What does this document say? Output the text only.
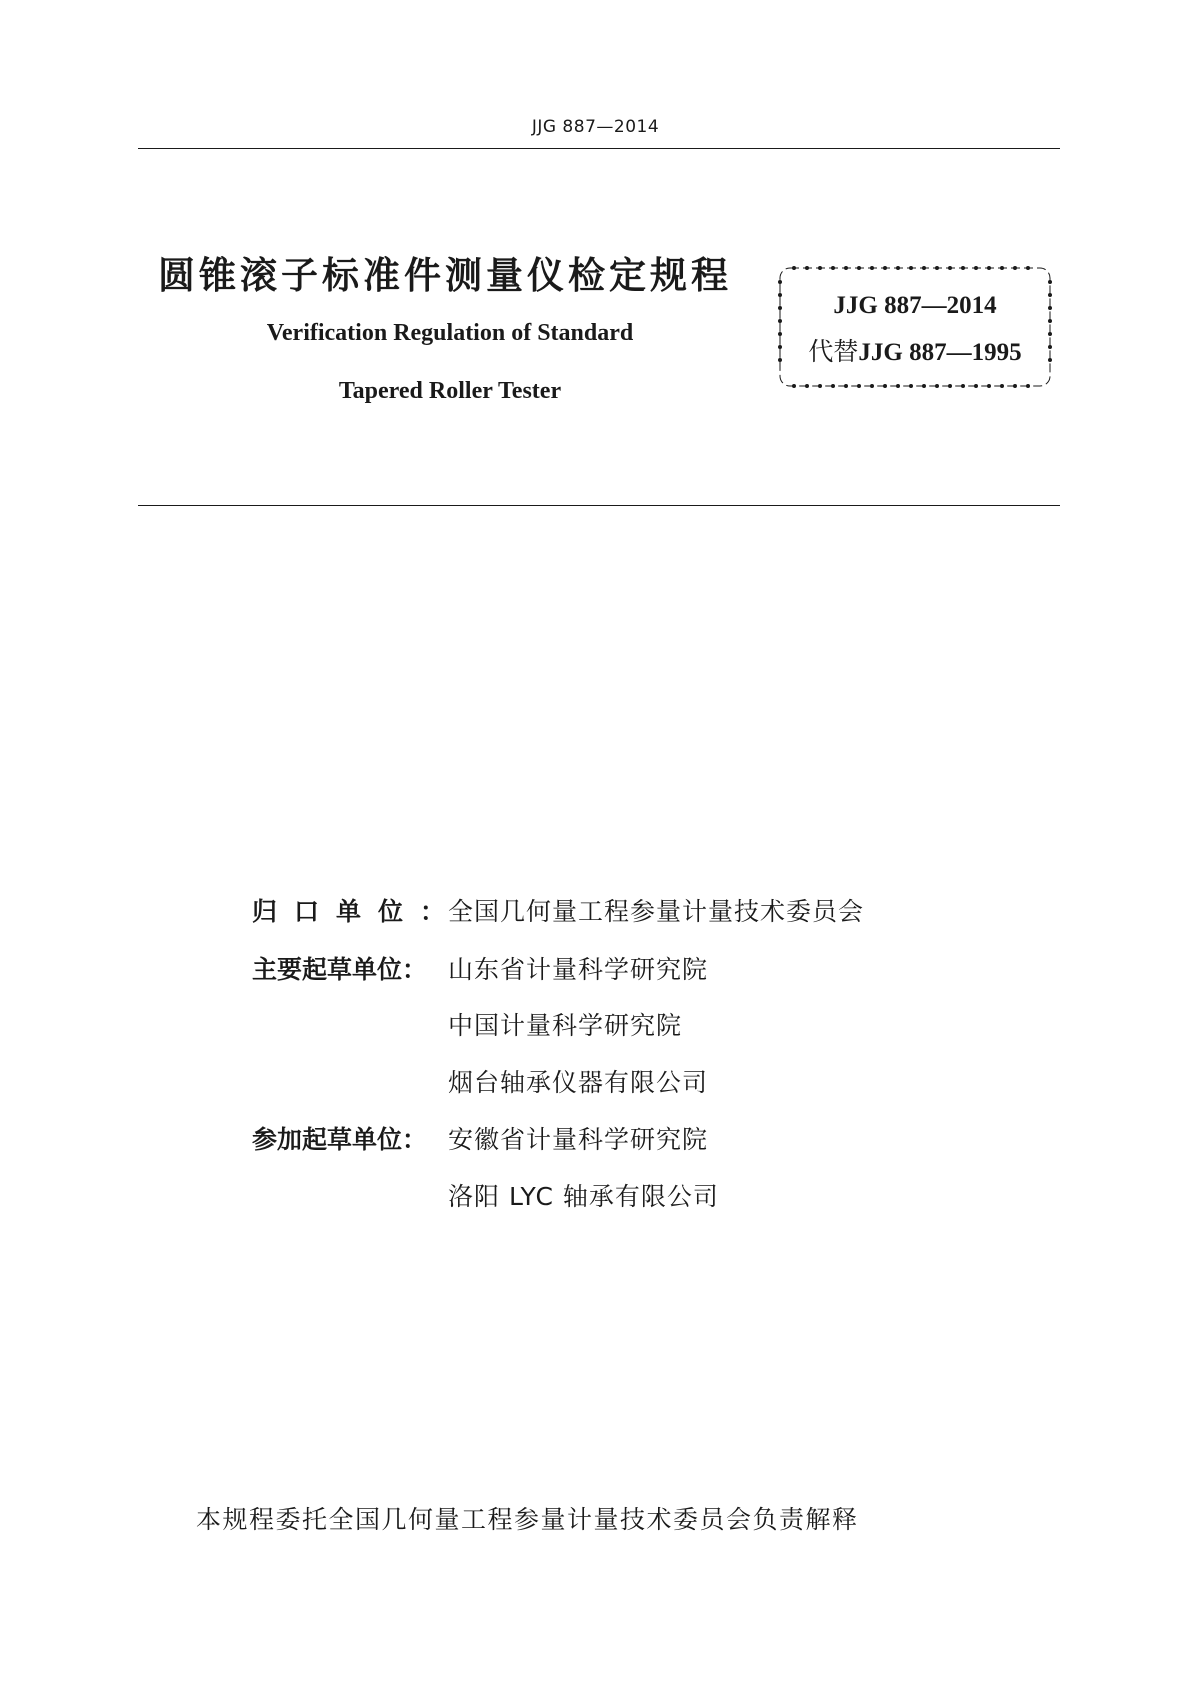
JJG 887—2014
圆锥滚子标准件测量仪检定规程
Verification Regulation of Standard
Tapered Roller Tester
JJG 887—2014
代替JJG 887—1995
归口单位：
全国几何量工程参量计量技术委员会
主要起草单位： 山东省计量科学研究院
中国计量科学研究院
烟台轴承仪器有限公司
参加起草单位： 安徽省计量科学研究院
洛阳 LYC 轴承有限公司
本规程委托全国几何量工程参量计量技术委员会负责解释
